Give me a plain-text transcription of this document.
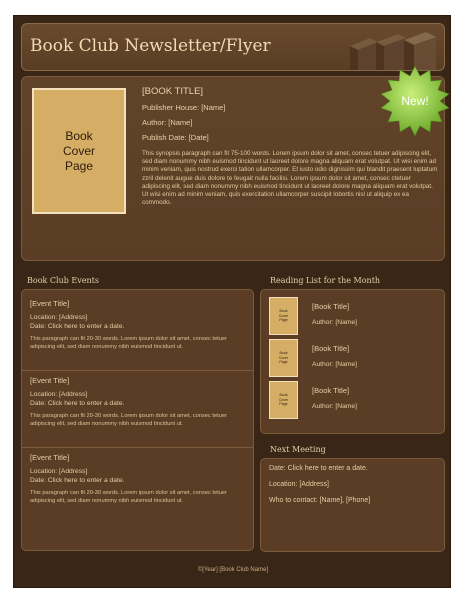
Book Club Newsletter/Flyer
Book Cover Page
[BOOK TITLE]
Publisher House: [Name]
Author: [Name]
Publish Date: [Date]
This synopsis paragraph can fit 75-100 words. Lorem ipsum dolor sit amet, consec tetuer adipiscing elit, sed diam nonummy nibh euismod tincidunt ut laoreet dolore magna aliquam erat volutpat. Ut wisi enim ad minim veniam, quis nostrud exerci tation ullamcorper. Et iusto odio dignissim qui blandit praesent luptatum zzril delenit augue duis dolore te feugait nulla facilisi. Lorem ipsum dolor sit amet, consec ctetuer adipiscing elit, sed diam nonummy nibh euismod tincidunt ut laoreet dolore magna aliquam erat volutpat. Ut wisi enim ad minim veniam, quis exercitation ullamcorper suscipit lobortis nisl ut aliquip ex ea commodo.
New!
Book Club Events
[Event Title]
Location: [Address]
Date: Click here to enter a date.
This paragraph can fit 20-30 words. Lorem ipsum dolor sit amet, consec tetuer adipiscing elit, sed diam nonummy nibh euismod tincidunt ut.
[Event Title]
Location: [Address]
Date: Click here to enter a date.
This paragraph can fit 20-30 words. Lorem ipsum dolor sit amet, consec tetuer adipiscing elit, sed diam nonummy nibh euismod tincidunt ut.
[Event Title]
Location: [Address]
Date: Click here to enter a date.
This paragraph can fit 20-30 words. Lorem ipsum dolor sit amet, consec tetuer adipiscing elit, sed diam nonummy nibh euismod tincidunt ut.
Reading List for the Month
Book Cover Page
[Book Title]
Author: [Name]
Book Cover Page
[Book Title]
Author: [Name]
Book Cover Page
[Book Title]
Author: [Name]
Next Meeting
Date: Click here to enter a date.
Location: [Address]
Who to contact: [Name], [Phone]
©[Year] [Book Club Name]
